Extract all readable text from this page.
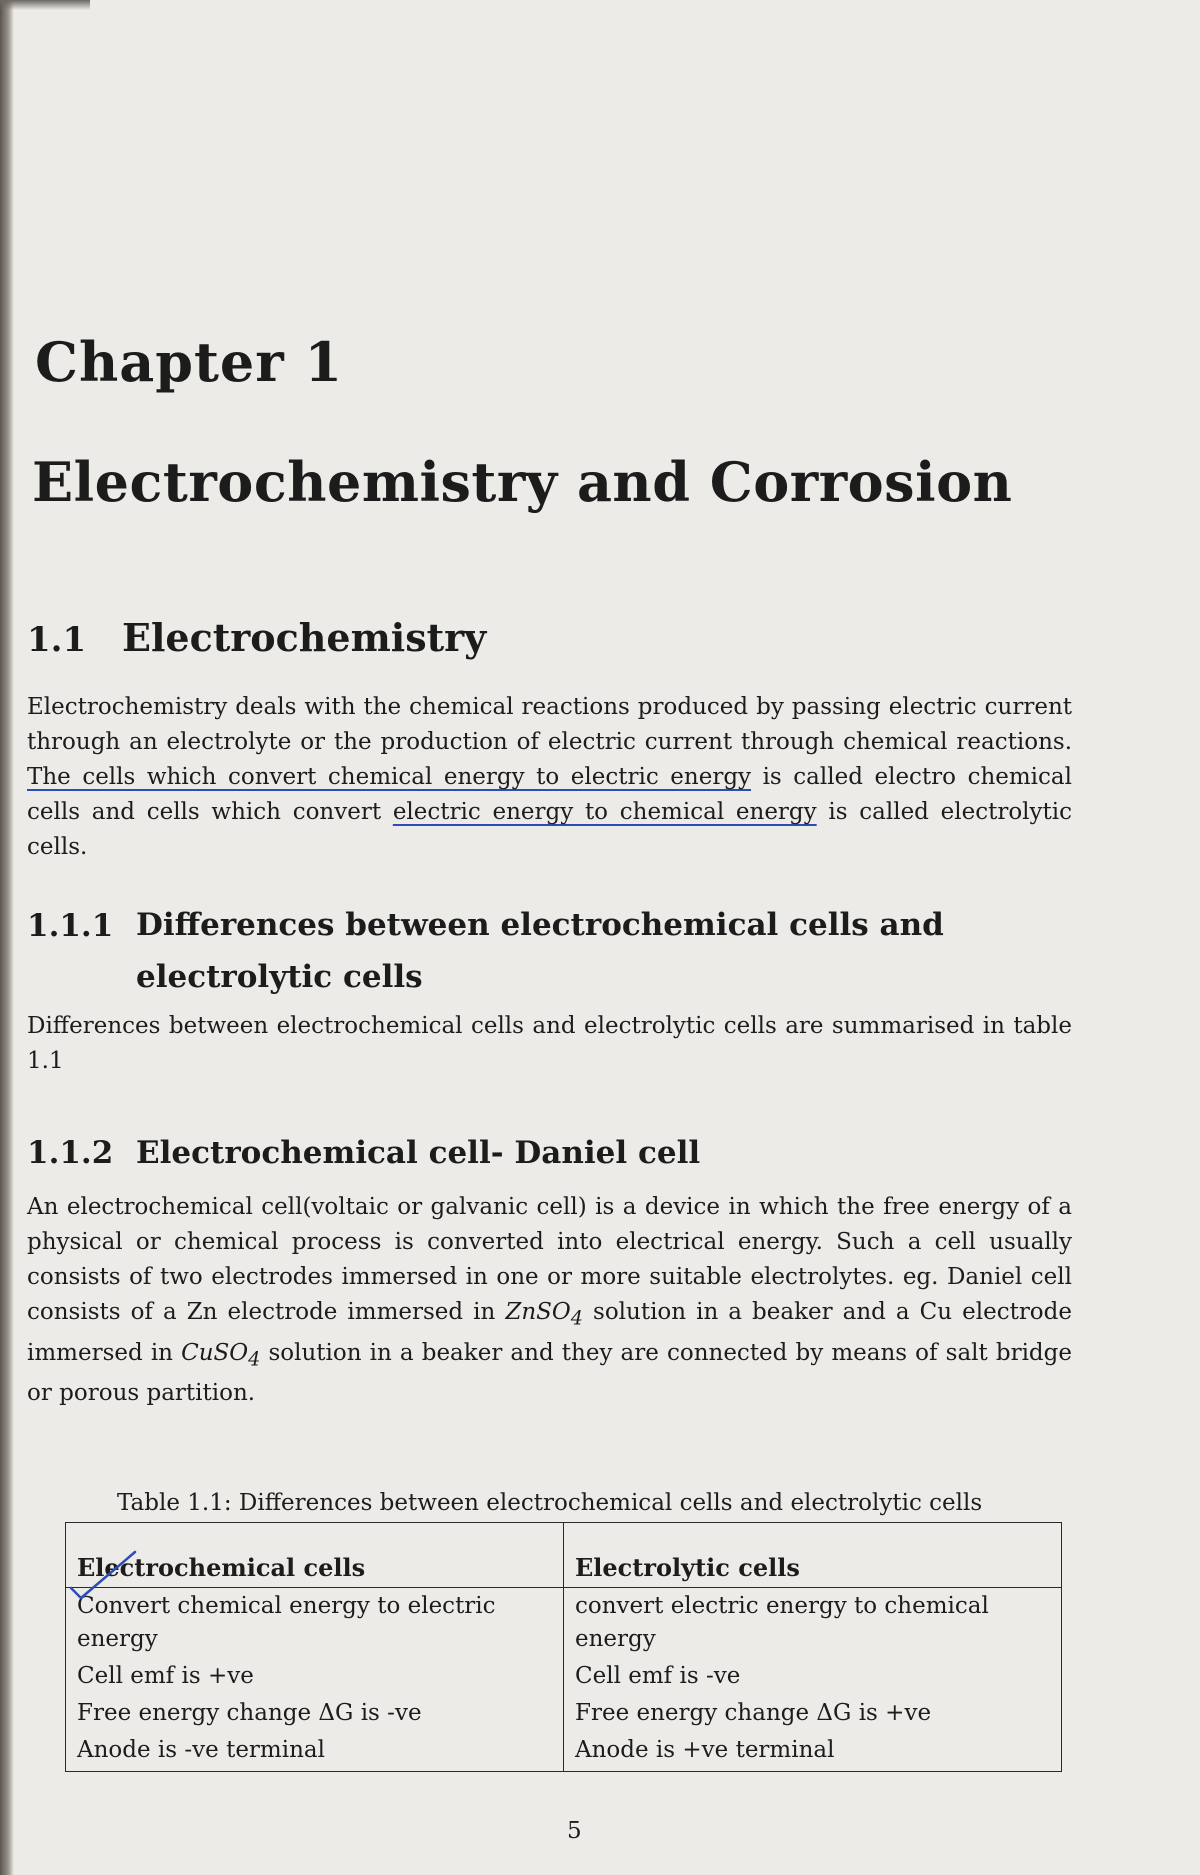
Chapter 1
Electrochemistry and Corrosion
1.1 Electrochemistry

Electrochemistry deals with the chemical reactions produced by passing electric current through an electrolyte or the production of electric current through chemical reactions. The cells which convert chemical energy to electric energy is called electro chemical cells and cells which convert electric energy to chemical energy is called electrolytic cells.

1.1.1 Differences between electrochemical cells and electrolytic cells

Differences between electrochemical cells and electrolytic cells are summarised in table 1.1

1.1.2 Electrochemical cell- Daniel cell

An electrochemical cell(voltaic or galvanic cell) is a device in which the free energy of a physical or chemical process is converted into electrical energy. Such a cell usually consists of two electrodes immersed in one or more suitable electrolytes. eg. Daniel cell consists of a Zn electrode immersed in ZnSO$_4$ solution in a beaker and a Cu electrode immersed in CuSO$_4$ solution in a beaker and they are connected by means of salt bridge or porous partition.

Table 1.1: Differences between electrochemical cells and electrolytic cells

Electrochemical cells	Electrolytic cells
Convert chemical energy to electric energy	convert electric energy to chemical energy
Cell emf is +ve	Cell emf is -ve
Free energy change ΔG is -ve	Free energy change ΔG is +ve
Anode is -ve terminal	Anode is +ve terminal

5
